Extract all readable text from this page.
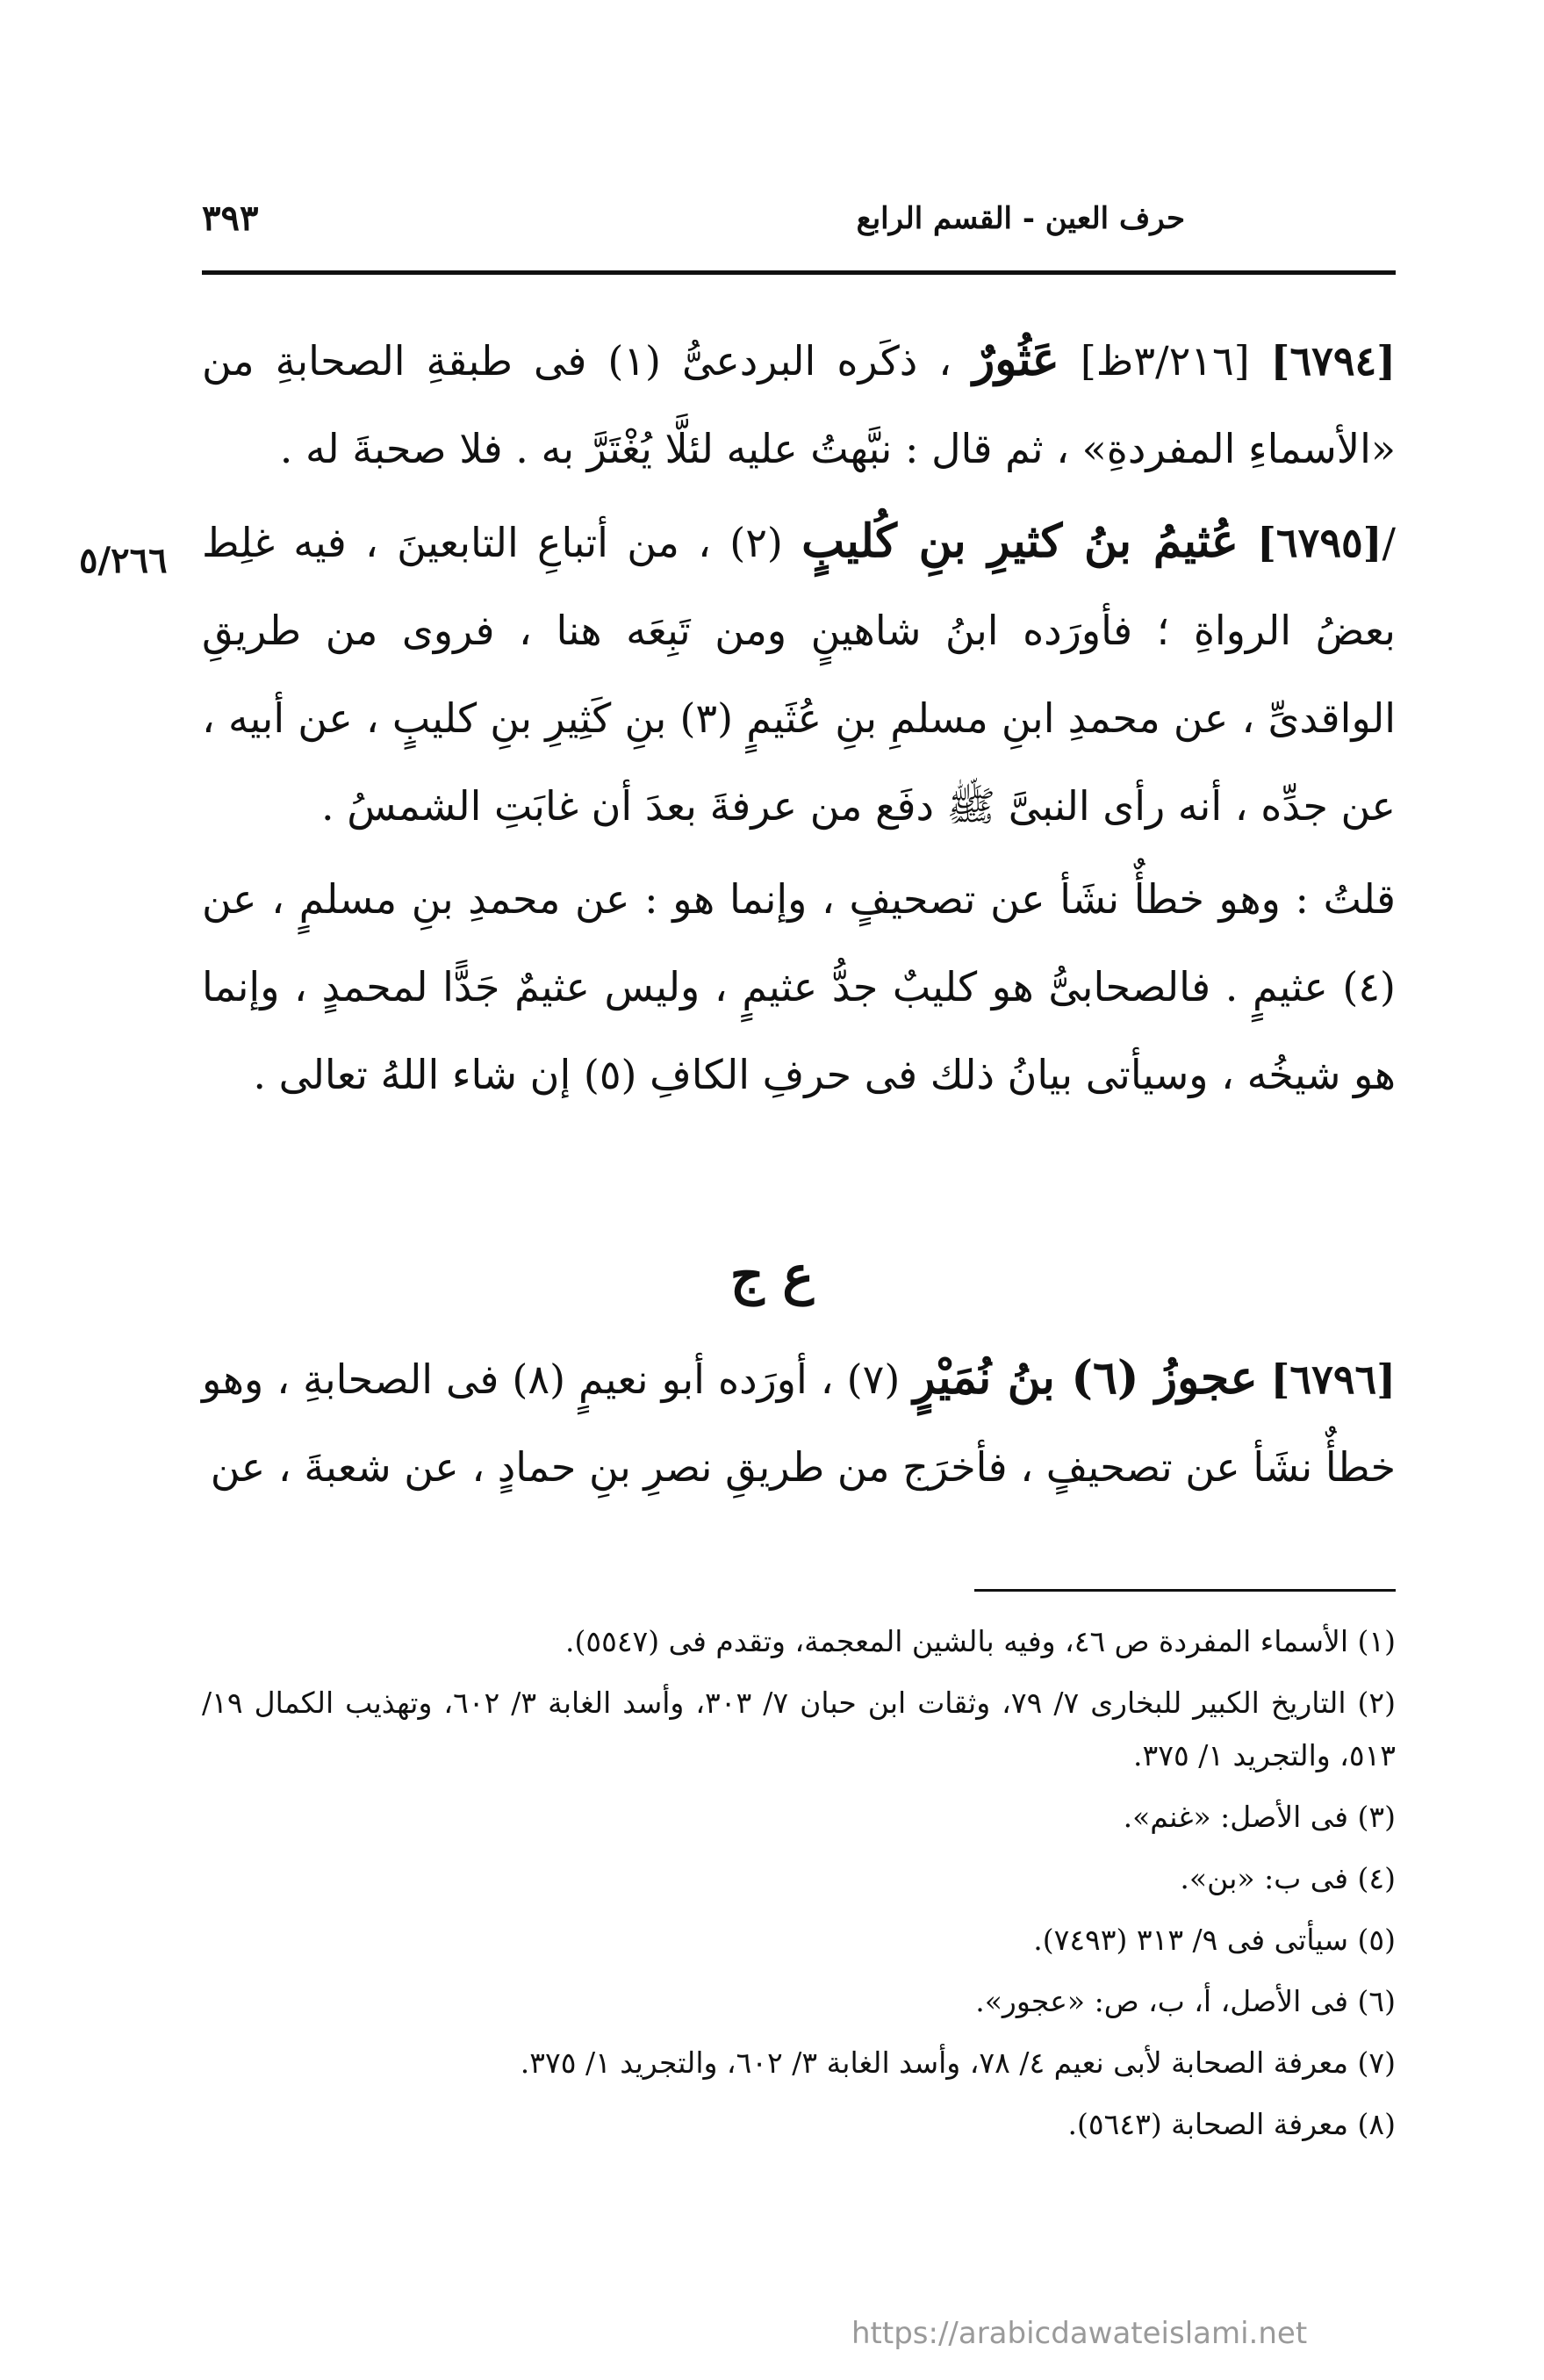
٣٩٣	حرف العين - القسم الرابع

[٦٧٩٤] [٣/٢١٦ظ] عَثُورٌ ، ذكَره البردعىُّ (١) فى طبقةِ الصحابةِ من «الأسماءِ المفردةِ» ، ثم قال : نبَّهتُ عليه لئلَّا يُغْتَرَّ به . فلا صحبةَ له .

/[٦٧٩٥] عُثيمُ بنُ كثيرِ بنِ كُليبٍ (٢) ، من أتباعِ التابعينَ ، فيه غلِط بعضُ الرواةِ ؛ فأورَده ابنُ شاهينٍ ومن تَبِعَه هنا ، فروى من طريقِ الواقدىِّ ، عن محمدِ ابنِ مسلمِ بنِ عُثَيمٍ (٣) بنِ كَثِيرِ بنِ كليبٍ ، عن أبيه ، عن جدِّه ، أنه رأى النبىَّ ﷺ دفَع من عرفةَ بعدَ أن غابَتِ الشمسُ .

قلتُ : وهو خطأٌ نشَأ عن تصحيفٍ ، وإنما هو : عن محمدِ بنِ مسلمٍ ، عن (٤) عثيمٍ . فالصحابىُّ هو كليبٌ جدُّ عثيمٍ ، وليس عثيمٌ جَدًّا لمحمدٍ ، وإنما هو شيخُه ، وسيأتى بيانُ ذلك فى حرفِ الكافِ (٥) إن شاء اللهُ تعالى .

٥/٢٦٦
ع ج

[٦٧٩٦] عجوزُ (٦) بنُ نُمَيْرٍ (٧) ، أورَده أبو نعيمٍ (٨) فى الصحابةِ ، وهو خطأٌ نشَأ عن تصحيفٍ ، فأخرَج من طريقِ نصرِ بنِ حمادٍ ، عن شعبةَ ، عن

(١) الأسماء المفردة ص ٤٦، وفيه بالشين المعجمة، وتقدم فى (٥٥٤٧).

(٢) التاريخ الكبير للبخارى ٧/ ٧٩، وثقات ابن حبان ٧/ ٣٠٣، وأسد الغابة ٣/ ٦٠٢، وتهذيب الكمال ١٩/ ٥١٣، والتجريد ١/ ٣٧٥.

(٣) فى الأصل: «غنم».

(٤) فى ب: «بن».

(٥) سيأتى فى ٩/ ٣١٣ (٧٤٩٣).

(٦) فى الأصل، أ، ب، ص: «عجور».

(٧) معرفة الصحابة لأبى نعيم ٤/ ٧٨، وأسد الغابة ٣/ ٦٠٢، والتجريد ١/ ٣٧٥.

(٨) معرفة الصحابة (٥٦٤٣).

https://arabicdawateislami.net
